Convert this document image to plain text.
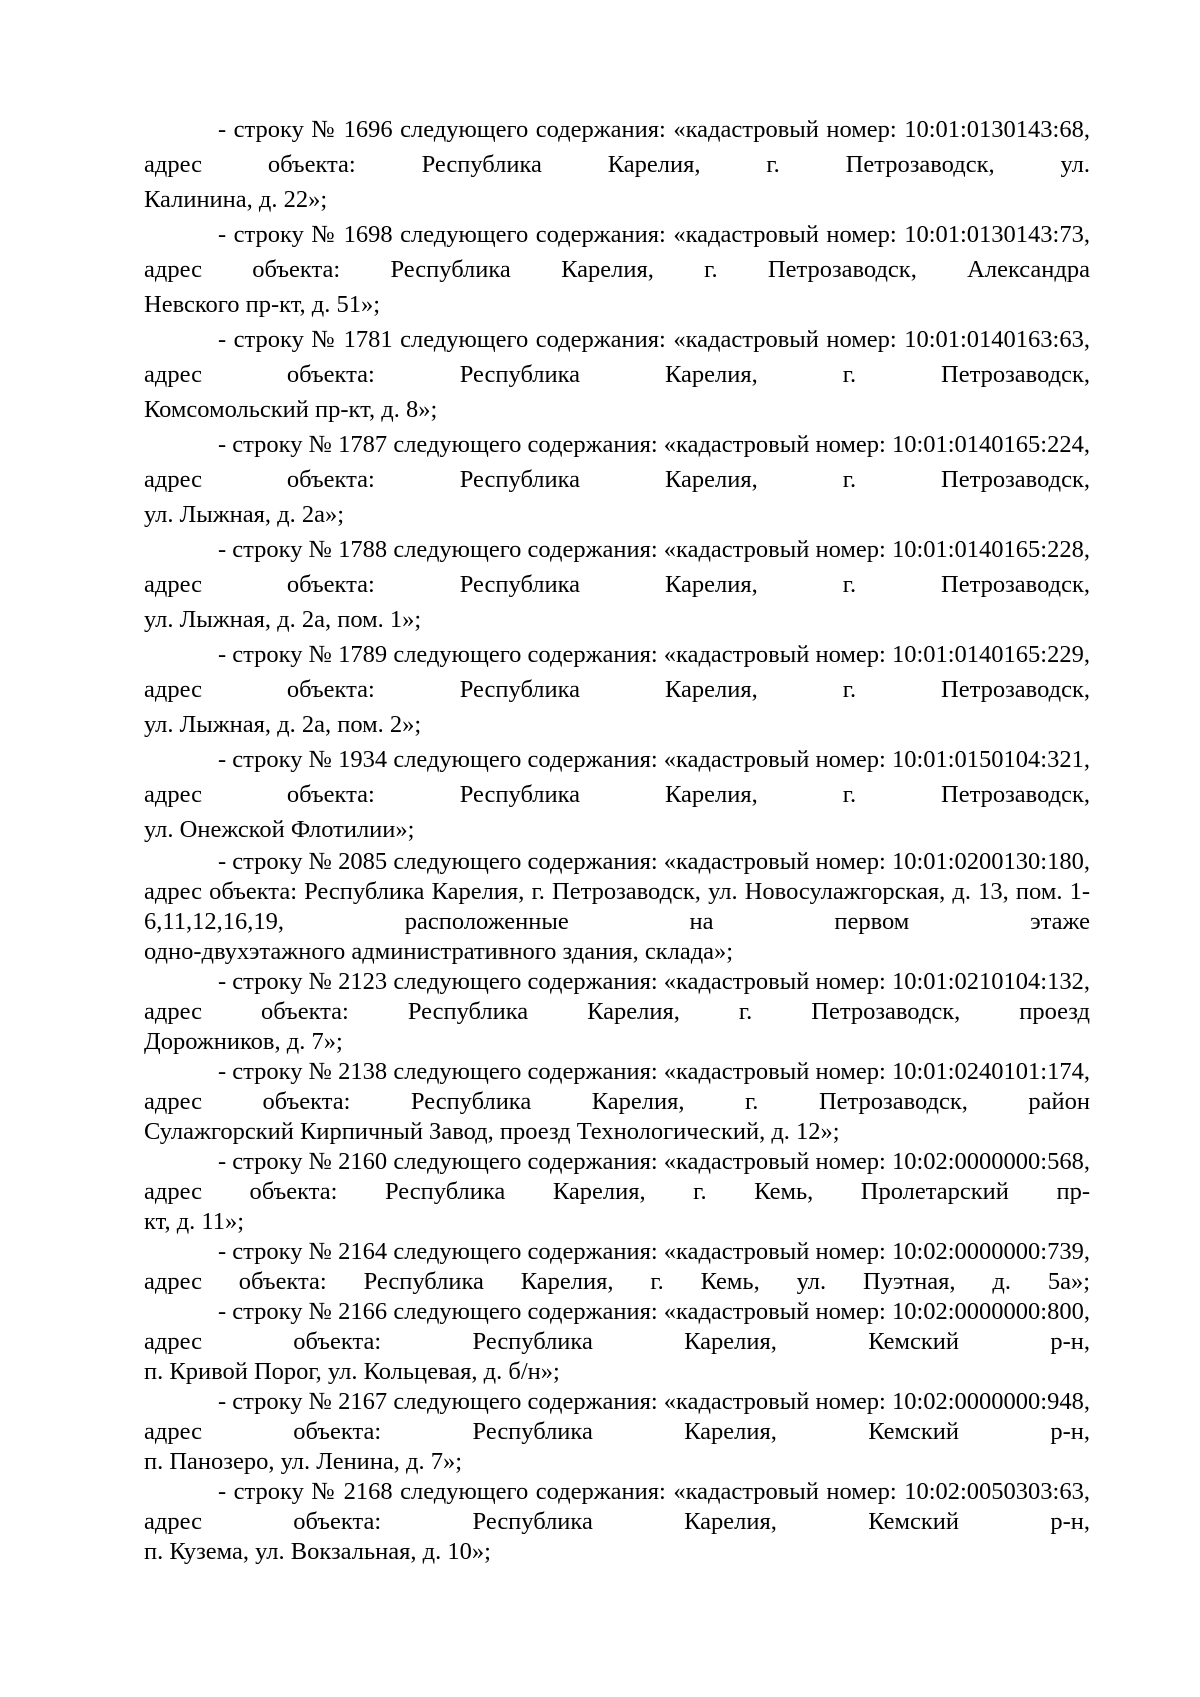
- строку № 1696 следующего содержания: «кадастровый номер: 10:01:0130143:68, адрес объекта: Республика Карелия, г. Петрозаводск, ул.

Калинина, д. 22»;

- строку № 1698 следующего содержания: «кадастровый номер: 10:01:0130143:73, адрес объекта: Республика Карелия, г. Петрозаводск, Александра

Невского пр-кт, д. 51»;

- строку № 1781 следующего содержания: «кадастровый номер: 10:01:0140163:63, адрес объекта: Республика Карелия, г. Петрозаводск,

Комсомольский пр-кт, д. 8»;

- строку № 1787 следующего содержания: «кадастровый номер: 10:01:0140165:224, адрес объекта: Республика Карелия, г. Петрозаводск,

ул. Лыжная, д. 2а»;

- строку № 1788 следующего содержания: «кадастровый номер: 10:01:0140165:228, адрес объекта: Республика Карелия, г. Петрозаводск,

ул. Лыжная, д. 2а, пом. 1»;

- строку № 1789 следующего содержания: «кадастровый номер: 10:01:0140165:229, адрес объекта: Республика Карелия, г. Петрозаводск,

ул. Лыжная, д. 2а, пом. 2»;

- строку № 1934 следующего содержания: «кадастровый номер: 10:01:0150104:321, адрес объекта: Республика Карелия, г. Петрозаводск,

ул. Онежской Флотилии»;

- строку № 2085 следующего содержания: «кадастровый номер: 10:01:0200130:180, адрес объекта: Республика Карелия, г. Петрозаводск, ул. Новосулажгорская, д. 13, пом. 1-6,11,12,16,19, расположенные на первом этаже

одно-двухэтажного административного здания, склада»;

- строку № 2123 следующего содержания: «кадастровый номер: 10:01:0210104:132, адрес объекта: Республика Карелия, г. Петрозаводск, проезд

Дорожников, д. 7»;

- строку № 2138 следующего содержания: «кадастровый номер: 10:01:0240101:174, адрес объекта: Республика Карелия, г. Петрозаводск, район

Сулажгорский Кирпичный Завод, проезд Технологический, д. 12»;

- строку № 2160 следующего содержания: «кадастровый номер: 10:02:0000000:568, адрес объекта: Республика Карелия, г. Кемь, Пролетарский пр-

кт, д. 11»;

- строку № 2164 следующего содержания: «кадастровый номер: 10:02:0000000:739, адрес объекта: Республика Карелия, г. Кемь, ул. Пуэтная, д. 5а»;

- строку № 2166 следующего содержания: «кадастровый номер: 10:02:0000000:800, адрес объекта: Республика Карелия, Кемский р-н,

п. Кривой Порог, ул. Кольцевая, д. б/н»;

- строку № 2167 следующего содержания: «кадастровый номер: 10:02:0000000:948, адрес объекта: Республика Карелия, Кемский р-н,

п. Панозеро, ул. Ленина, д. 7»;

- строку № 2168 следующего содержания: «кадастровый номер: 10:02:0050303:63, адрес объекта: Республика Карелия, Кемский р-н,

п. Кузема, ул. Вокзальная, д. 10»;
